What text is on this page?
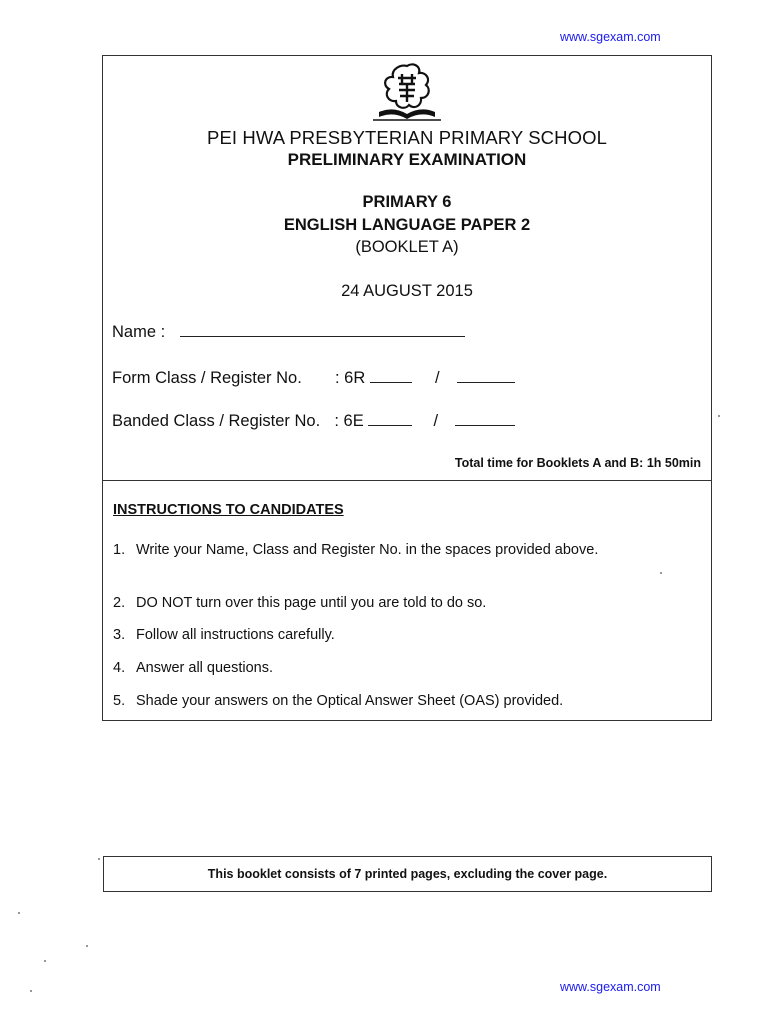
www.sgexam.com
PEI HWA PRESBYTERIAN PRIMARY SCHOOL
PRELIMINARY EXAMINATION
PRIMARY 6
ENGLISH LANGUAGE PAPER 2
(BOOKLET A)
24 AUGUST 2015
Name :
Form Class / Register No. : 6R	/
Banded Class / Register No. : 6E	/
Total time for Booklets A and B: 1h 50min
INSTRUCTIONS TO CANDIDATES
1. Write your Name, Class and Register No. in the spaces provided above.
2. DO NOT turn over this page until you are told to do so.
3. Follow all instructions carefully.
4. Answer all questions.
5. Shade your answers on the Optical Answer Sheet (OAS) provided.
This booklet consists of 7 printed pages, excluding the cover page.
www.sgexam.com
